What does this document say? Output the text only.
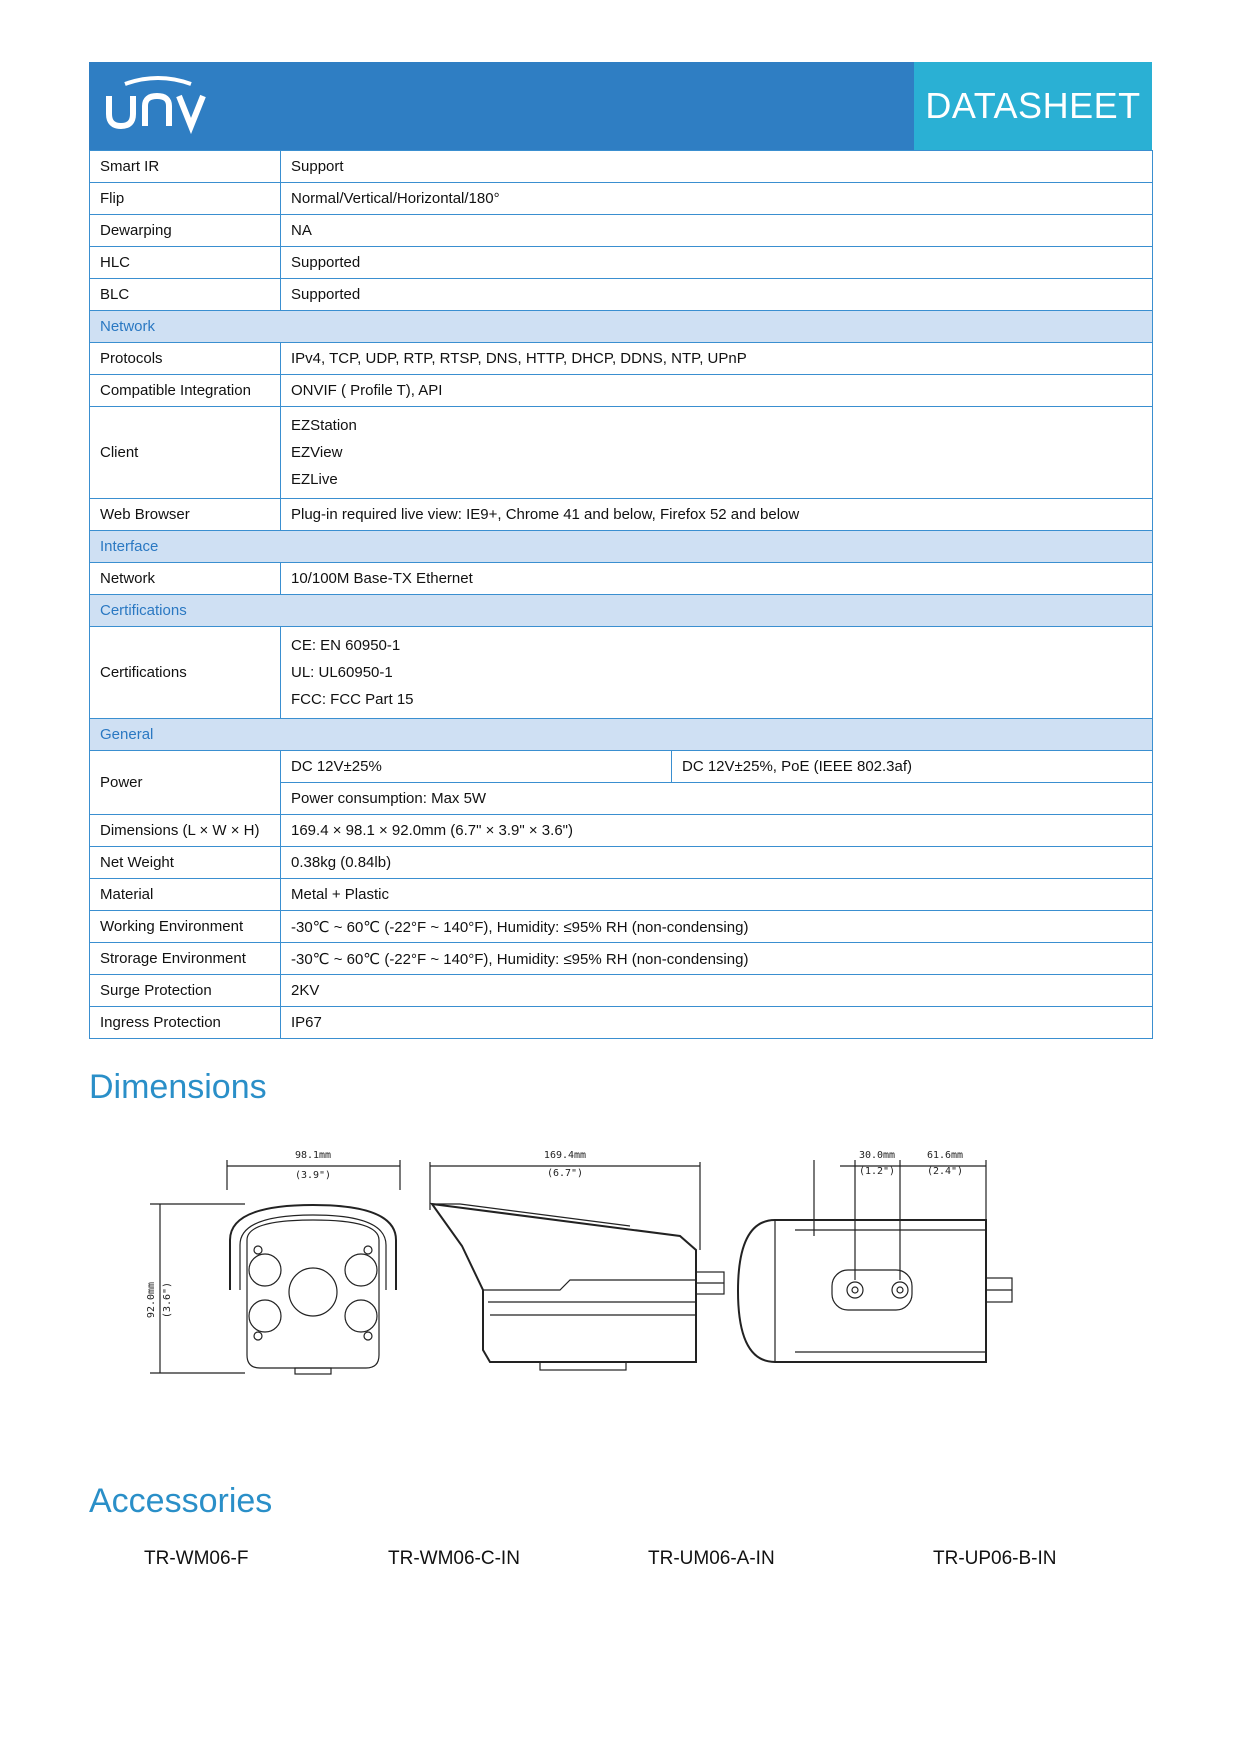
DATASHEET
Smart IR	Support	
Flip	Normal/Vertical/Horizontal/180°	
Dewarping	NA	
HLC	Supported	
BLC	Supported	
Network		
Protocols	IPv4, TCP, UDP, RTP, RTSP, DNS, HTTP, DHCP, DDNS, NTP, UPnP	
Compatible Integration	ONVIF ( Profile T), API	
Client	EZStation
EZView
EZLive	

Web Browser	Plug-in required live view: IE9+, Chrome 41 and below, Firefox 52 and below	
Interface		
Network	10/100M Base-TX Ethernet	
Certifications		
Certifications	CE: EN 60950-1
UL: UL60950-1
FCC: FCC Part 15	

General		
Power	DC 12V±25%	DC 12V±25%, PoE (IEEE 802.3af)
	Power consumption: Max 5W	
Dimensions (L × W × H)	169.4 × 98.1 × 92.0mm (6.7" × 3.9" × 3.6")	
Net Weight	0.38kg (0.84lb)	
Material	Metal + Plastic	
Working Environment	-30℃ ~ 60℃ (-22°F ~ 140°F), Humidity: ≤95% RH (non-condensing)	
Strorage Environment	-30℃ ~ 60℃ (-22°F ~ 140°F), Humidity: ≤95% RH (non-condensing)	
Surge Protection	2KV	
Ingress Protection	IP67	
Dimensions
98.1mm
(3.9")
92.0mm (3.6")
169.4mm
(6.7")
30.0mm
(1.2")
61.6mm
(2.4")
Accessories
TR-WM06-F	TR-WM06-C-IN	TR-UM06-A-IN	TR-UP06-B-IN
